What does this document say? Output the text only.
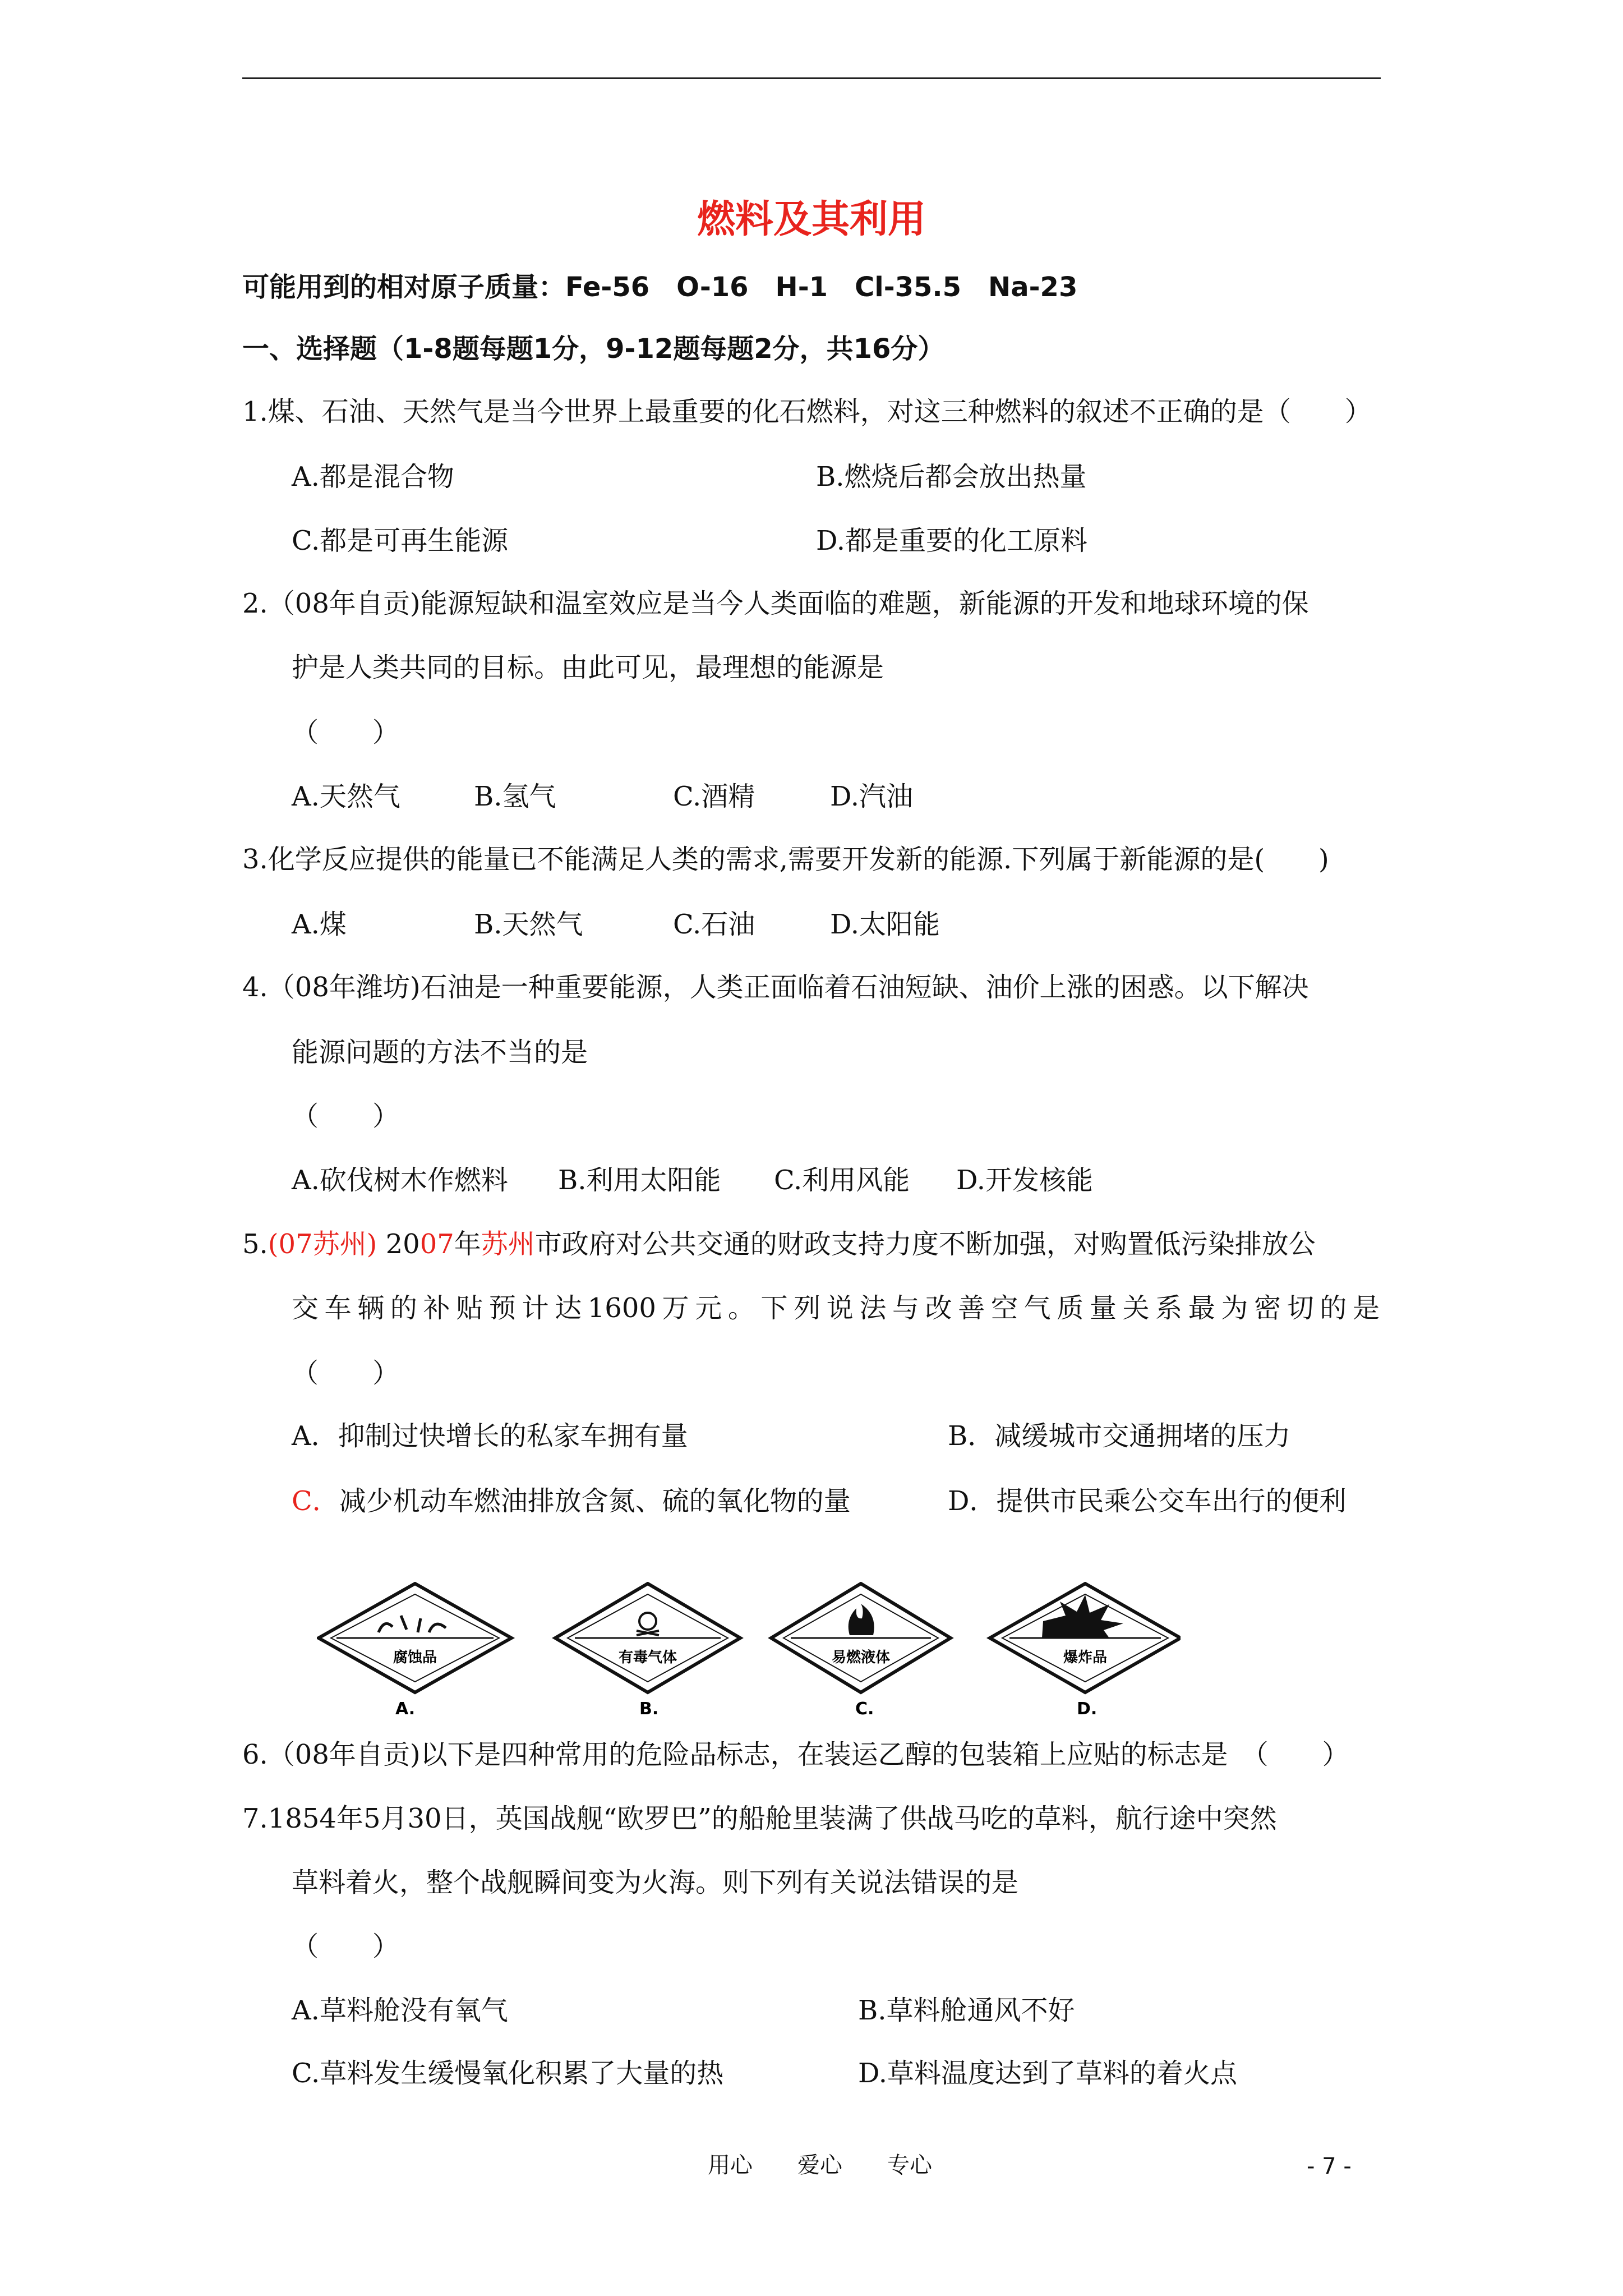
燃料及其利用
可能用到的相对原子质量：Fe-56　O-16　H-1　Cl-35.5　Na-23
一、选择题（1-8题每题1分，9-12题每题2分，共16分）
1.煤、石油、天然气是当今世界上最重要的化石燃料，对这三种燃料的叙述不正确的是（　　）
A.都是混合物	B.燃烧后都会放出热量
C.都是可再生能源	D.都是重要的化工原料
2.（08年自贡)能源短缺和温室效应是当今人类面临的难题，新能源的开发和地球环境的保
护是人类共同的目标。由此可见，最理想的能源是
（　　）
A.天然气	B.氢气	C.酒精	D.汽油
3.化学反应提供的能量已不能满足人类的需求,需要开发新的能源.下列属于新能源的是(　　)
A.煤	B.天然气	C.石油	D.太阳能
4.（08年潍坊)石油是一种重要能源，人类正面临着石油短缺、油价上涨的困惑。以下解决
能源问题的方法不当的是
（　　）
A.砍伐树木作燃料 B.利用太阳能 C.利用风能 D.开发核能
5.(07苏州) 2007年苏州市政府对公共交通的财政支持力度不断加强，对购置低污染排放公
交车辆的补贴预计达1600万元。下列说法与改善空气质量关系最为密切的是
（　　）
A．抑制过快增长的私家车拥有量	B．减缓城市交通拥堵的压力
C．减少机动车燃油排放含氮、硫的氧化物的量	D．提供市民乘公交车出行的便利
腐蚀品
A.
有毒气体
B.
易燃液体
C.
爆炸品
D.
6.（08年自贡)以下是四种常用的危险品标志，在装运乙醇的包装箱上应贴的标志是　（　　）
7.1854年5月30日，英国战舰“欧罗巴”的船舱里装满了供战马吃的草料，航行途中突然
草料着火，整个战舰瞬间变为火海。则下列有关说法错误的是
（　　）
A.草料舱没有氧气	B.草料舱通风不好
C.草料发生缓慢氧化积累了大量的热	D.草料温度达到了草料的着火点
用心　　爱心　　专心	- 7 -
